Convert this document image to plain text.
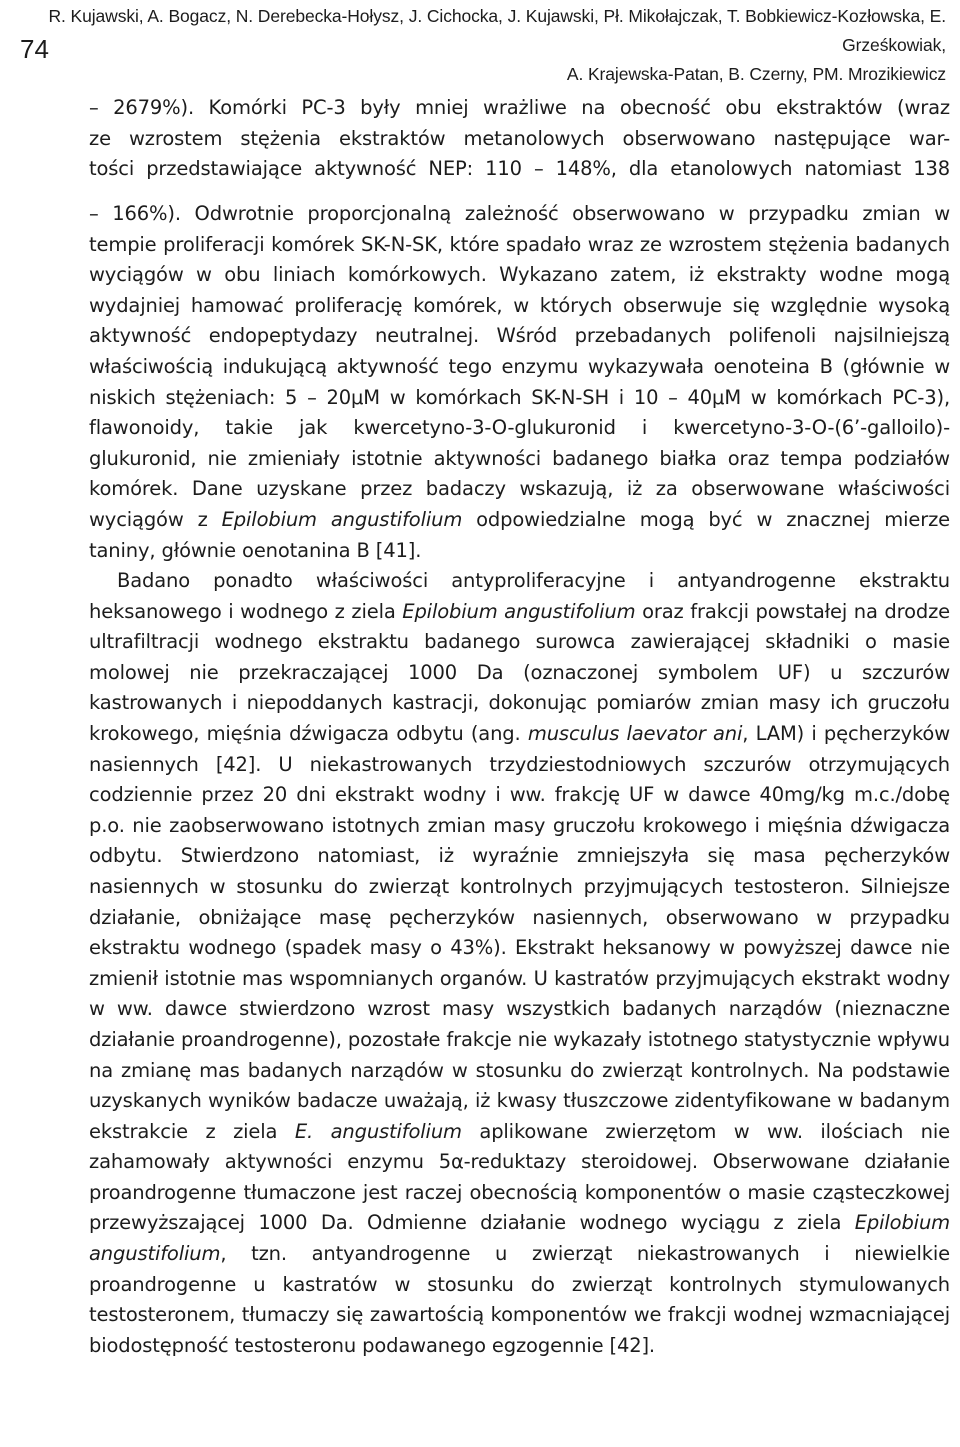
R. Kujawski, A. Bogacz, N. Derebecka-Hołysz, J. Cichocka, J. Kujawski, Pł. Mikołajczak, T. Bobkiewicz-Kozłowska, E. Grześkowiak,
A. Krajewska-Patan, B. Czerny, PM. Mrozikiewicz

74

– 2679%). Komórki PC-3 były mniej wrażliwe na obecność obu ekstraktów (wraz
ze wzrostem stężenia ekstraktów metanolowych obserwowano następujące war-
tości przedstawiające aktywność NEP: 110 – 148%, dla etanolowych natomiast 138

– 166%). Odwrotnie proporcjonalną zależność obserwowano w przypadku zmian w tempie proliferacji komórek SK-N-SK, które spadało wraz ze wzrostem stężenia badanych wyciągów w obu liniach komórkowych. Wykazano zatem, iż ekstrakty wodne mogą wydajniej hamować proliferację komórek, w których obserwuje się względnie wysoką aktywność endopeptydazy neutralnej. Wśród przebadanych polifenoli najsilniejszą właściwością indukującą aktywność tego enzymu wykazywała oenoteina B (głównie w niskich stężeniach: 5 – 20μM w komórkach SK-N-SH i 10 – 40μM w komórkach PC-3), flawonoidy, takie jak kwercetyno-3-O-glukuronid i kwercetyno-3-O-(6’-galloilo)-glukuronid, nie zmieniały istotnie aktywności badanego białka oraz tempa podziałów komórek. Dane uzyskane przez badaczy wskazują, iż za obserwowane właściwości wyciągów z Epilobium angustifolium odpowiedzialne mogą być w znacznej mierze taniny, głównie oenotanina B [41].

Badano ponadto właściwości antyproliferacyjne i antyandrogenne ekstraktu heksanowego i wodnego z ziela Epilobium angustifolium oraz frakcji powstałej na drodze ultrafiltracji wodnego ekstraktu badanego surowca zawierającej składniki o masie molowej nie przekraczającej 1000 Da (oznaczonej symbolem UF) u szczurów kastrowanych i niepoddanych kastracji, dokonując pomiarów zmian masy ich gruczołu krokowego, mięśnia dźwigacza odbytu (ang. musculus laevator ani, LAM) i pęcherzyków nasiennych [42]. U niekastrowanych trzydziestodniowych szczurów otrzymujących codziennie przez 20 dni ekstrakt wodny i ww. frakcję UF w dawce 40mg/kg m.c./dobę p.o. nie zaobserwowano istotnych zmian masy gruczołu krokowego i mięśnia dźwigacza odbytu. Stwierdzono natomiast, iż wyraźnie zmniejszyła się masa pęcherzyków nasiennych w stosunku do zwierząt kontrolnych przyjmujących testosteron. Silniejsze działanie, obniżające masę pęcherzyków nasiennych, obserwowano w przypadku ekstraktu wodnego (spadek masy o 43%). Ekstrakt heksanowy w powyższej dawce nie zmienił istotnie mas wspomnianych organów. U kastratów przyjmujących ekstrakt wodny w ww. dawce stwierdzono wzrost masy wszystkich badanych narządów (nieznaczne działanie proandrogenne), pozostałe frakcje nie wykazały istotnego statystycznie wpływu na zmianę mas badanych narządów w stosunku do zwierząt kontrolnych. Na podstawie uzyskanych wyników badacze uważają, iż kwasy tłuszczowe zidentyfikowane w badanym ekstrakcie z ziela E. angustifolium aplikowane zwierzętom w ww. ilościach nie zahamowały aktywności enzymu 5α-reduktazy steroidowej. Obserwowane działanie proandrogenne tłumaczone jest raczej obecnością komponentów o masie cząsteczkowej przewyższającej 1000 Da. Odmienne działanie wodnego wyciągu z ziela Epilobium angustifolium, tzn. antyandrogenne u zwierząt niekastrowanych i niewielkie proandrogenne u kastratów w stosunku do zwierząt kontrolnych stymulowanych testosteronem, tłumaczy się zawartością komponentów we frakcji wodnej wzmacniającej biodostępność testosteronu podawanego egzogennie [42].
